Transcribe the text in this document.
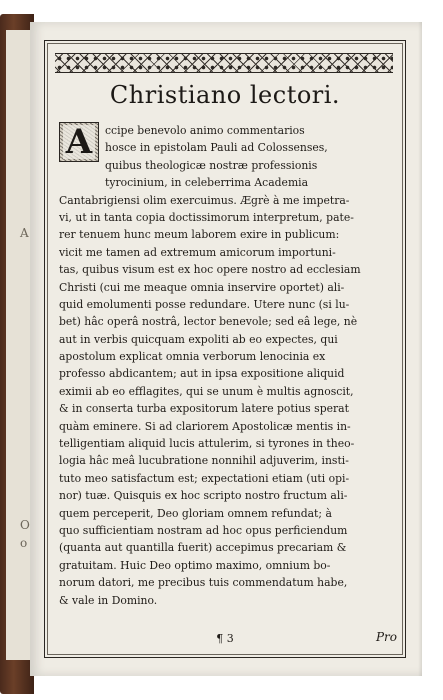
A
O
o
Christiano lectori.
A	ccipe benevolo animo commentarios
hosce in epistolam Pauli ad Colossenses,
quibus theologicæ nostræ professionis
tyrocinium, in celeberrima Academia
Cantabrigiensi olim exercuimus. Ægrè à me impetra-
vi, ut in tanta copia doctissimorum interpretum, pate-
rer tenuem hunc meum laborem exire in publicum:
vicit me tamen ad extremum amicorum importuni-
tas, quibus visum est ex hoc opere nostro ad ecclesiam
Christi (cui me meaque omnia inservire oportet) ali-
quid emolumenti posse redundare. Utere nunc (si lu-
bet) hâc operâ nostrâ, lector benevole; sed eâ lege, nè
aut in verbis quicquam expoliti ab eo expectes, qui
apostolum explicat omnia verborum lenocinia ex
professo abdicantem; aut in ipsa expositione aliquid
eximii ab eo efflagites, qui se unum è multis agnoscit,
& in conserta turba expositorum latere potius sperat
quàm eminere. Si ad clariorem Apostolicæ mentis in-
telligentiam aliquid lucis attulerim, si tyrones in theo-
logia hâc meâ lucubratione nonnihil adjuverim, insti-
tuto meo satisfactum est; expectationi etiam (uti opi-
nor) tuæ. Quisquis ex hoc scripto nostro fructum ali-
quem perceperit, Deo gloriam omnem refundat; à
quo sufficientiam nostram ad hoc opus perficiendum
(quanta aut quantilla fuerit) accepimus precariam &
gratuitam. Huic Deo optimo maximo, omnium bo-
norum datori, me precibus tuis commendatum habe,
& vale in Domino.
¶ 3	Pro
